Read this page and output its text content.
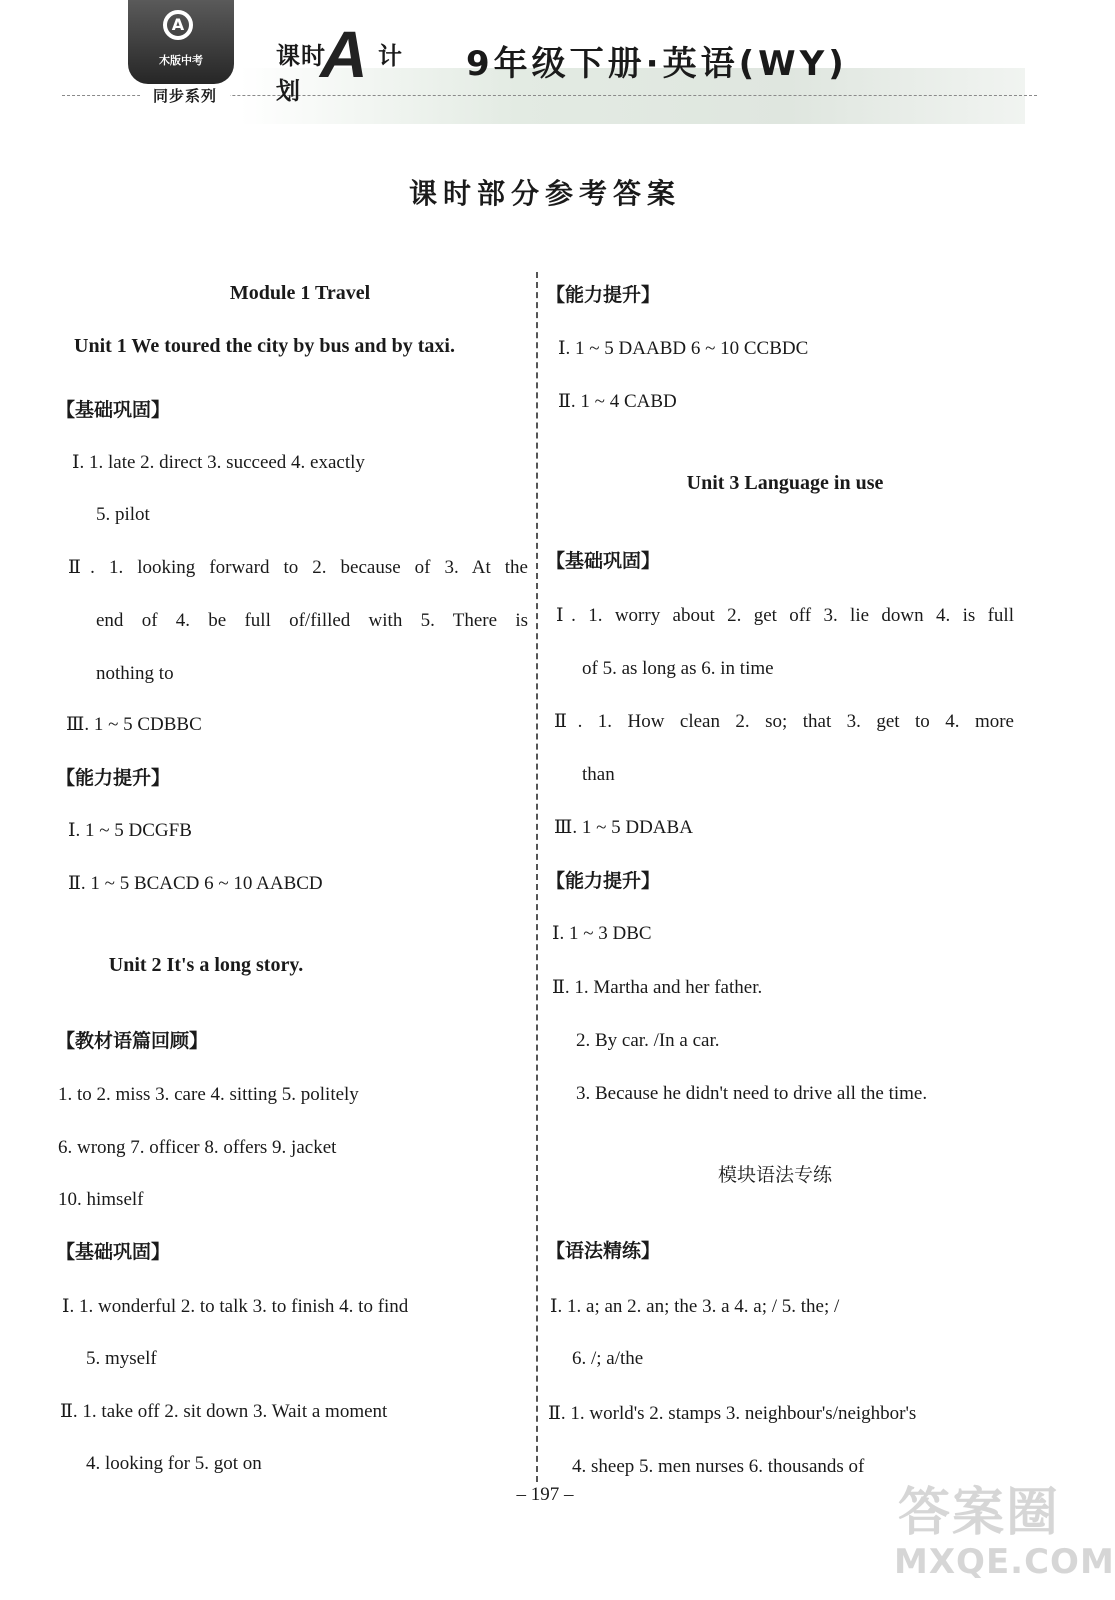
A
木版中考
同步系列
课时 计划 A	9年级下册·英语(WY)
课时部分参考答案
Module 1 Travel
Unit 1 We toured the city by bus and by taxi.
【基础巩固】
Ⅰ. 1. late 2. direct 3. succeed 4. exactly
5. pilot
Ⅱ. 1. looking forward to 2. because of 3. At the
end of 4. be full of/filled with 5. There is
nothing to
Ⅲ. 1 ~ 5 CDBBC
【能力提升】
Ⅰ. 1 ~ 5 DCGFB
Ⅱ. 1 ~ 5 BCACD 6 ~ 10 AABCD
Unit 2 It's a long story.
【教材语篇回顾】
1. to 2. miss 3. care 4. sitting 5. politely
6. wrong 7. officer 8. offers 9. jacket
10. himself
【基础巩固】
Ⅰ. 1. wonderful 2. to talk 3. to finish 4. to find
5. myself
Ⅱ. 1. take off 2. sit down 3. Wait a moment
4. looking for 5. got on
【能力提升】
Ⅰ. 1 ~ 5 DAABD 6 ~ 10 CCBDC
Ⅱ. 1 ~ 4 CABD
Unit 3 Language in use
【基础巩固】
Ⅰ. 1. worry about 2. get off 3. lie down 4. is full
of 5. as long as 6. in time
Ⅱ. 1. How clean 2. so; that 3. get to 4. more
than
Ⅲ. 1 ~ 5 DDABA
【能力提升】
Ⅰ. 1 ~ 3 DBC
Ⅱ. 1. Martha and her father.
2. By car. /In a car.
3. Because he didn't need to drive all the time.
模块语法专练
【语法精练】
Ⅰ. 1. a; an 2. an; the 3. a 4. a; / 5. the; /
6. /; a/the
Ⅱ. 1. world's 2. stamps 3. neighbour's/neighbor's
4. sheep 5. men nurses 6. thousands of
– 197 –	答案圈
MXQE.COM
